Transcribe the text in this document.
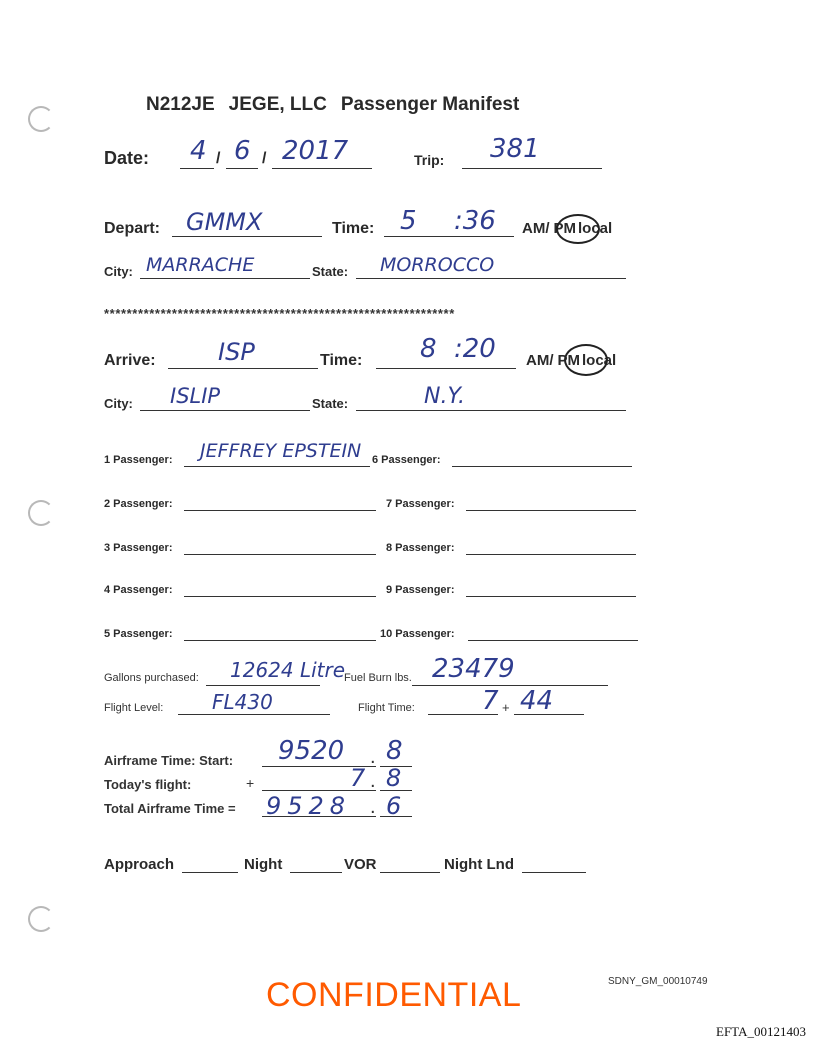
N212JE JEGE, LLC Passenger Manifest
Date: 4 / 6 / 2017	Trip: 381
Depart: GMMX	Time: 5 :36 AM/ PM local
City: MARRACHE	State: MORROCCO
**************************************************************
Arrive:	ISP	Time: 8 :20 AM/ PM local
City: ISLIP	State:	N.Y.
1 Passenger: JEFFREY EPSTEIN
2 Passenger:
3 Passenger:
4 Passenger:
5 Passenger:
6 Passenger:
7 Passenger:
8 Passenger:
9 Passenger:
10 Passenger:
Gallons purchased: 12624 Litre
Fuel Burn lbs. 23479
Flight Level: FL430	Flight Time:	7 + 44
Airframe Time: Start: 9520 . 8
Today's flight:	+	7 . 8
Total Airframe Time = 9528 . 6
Approach	Night	VOR	Night Lnd
CONFIDENTIAL	SDNY_GM_00010749
EFTA_00121403
